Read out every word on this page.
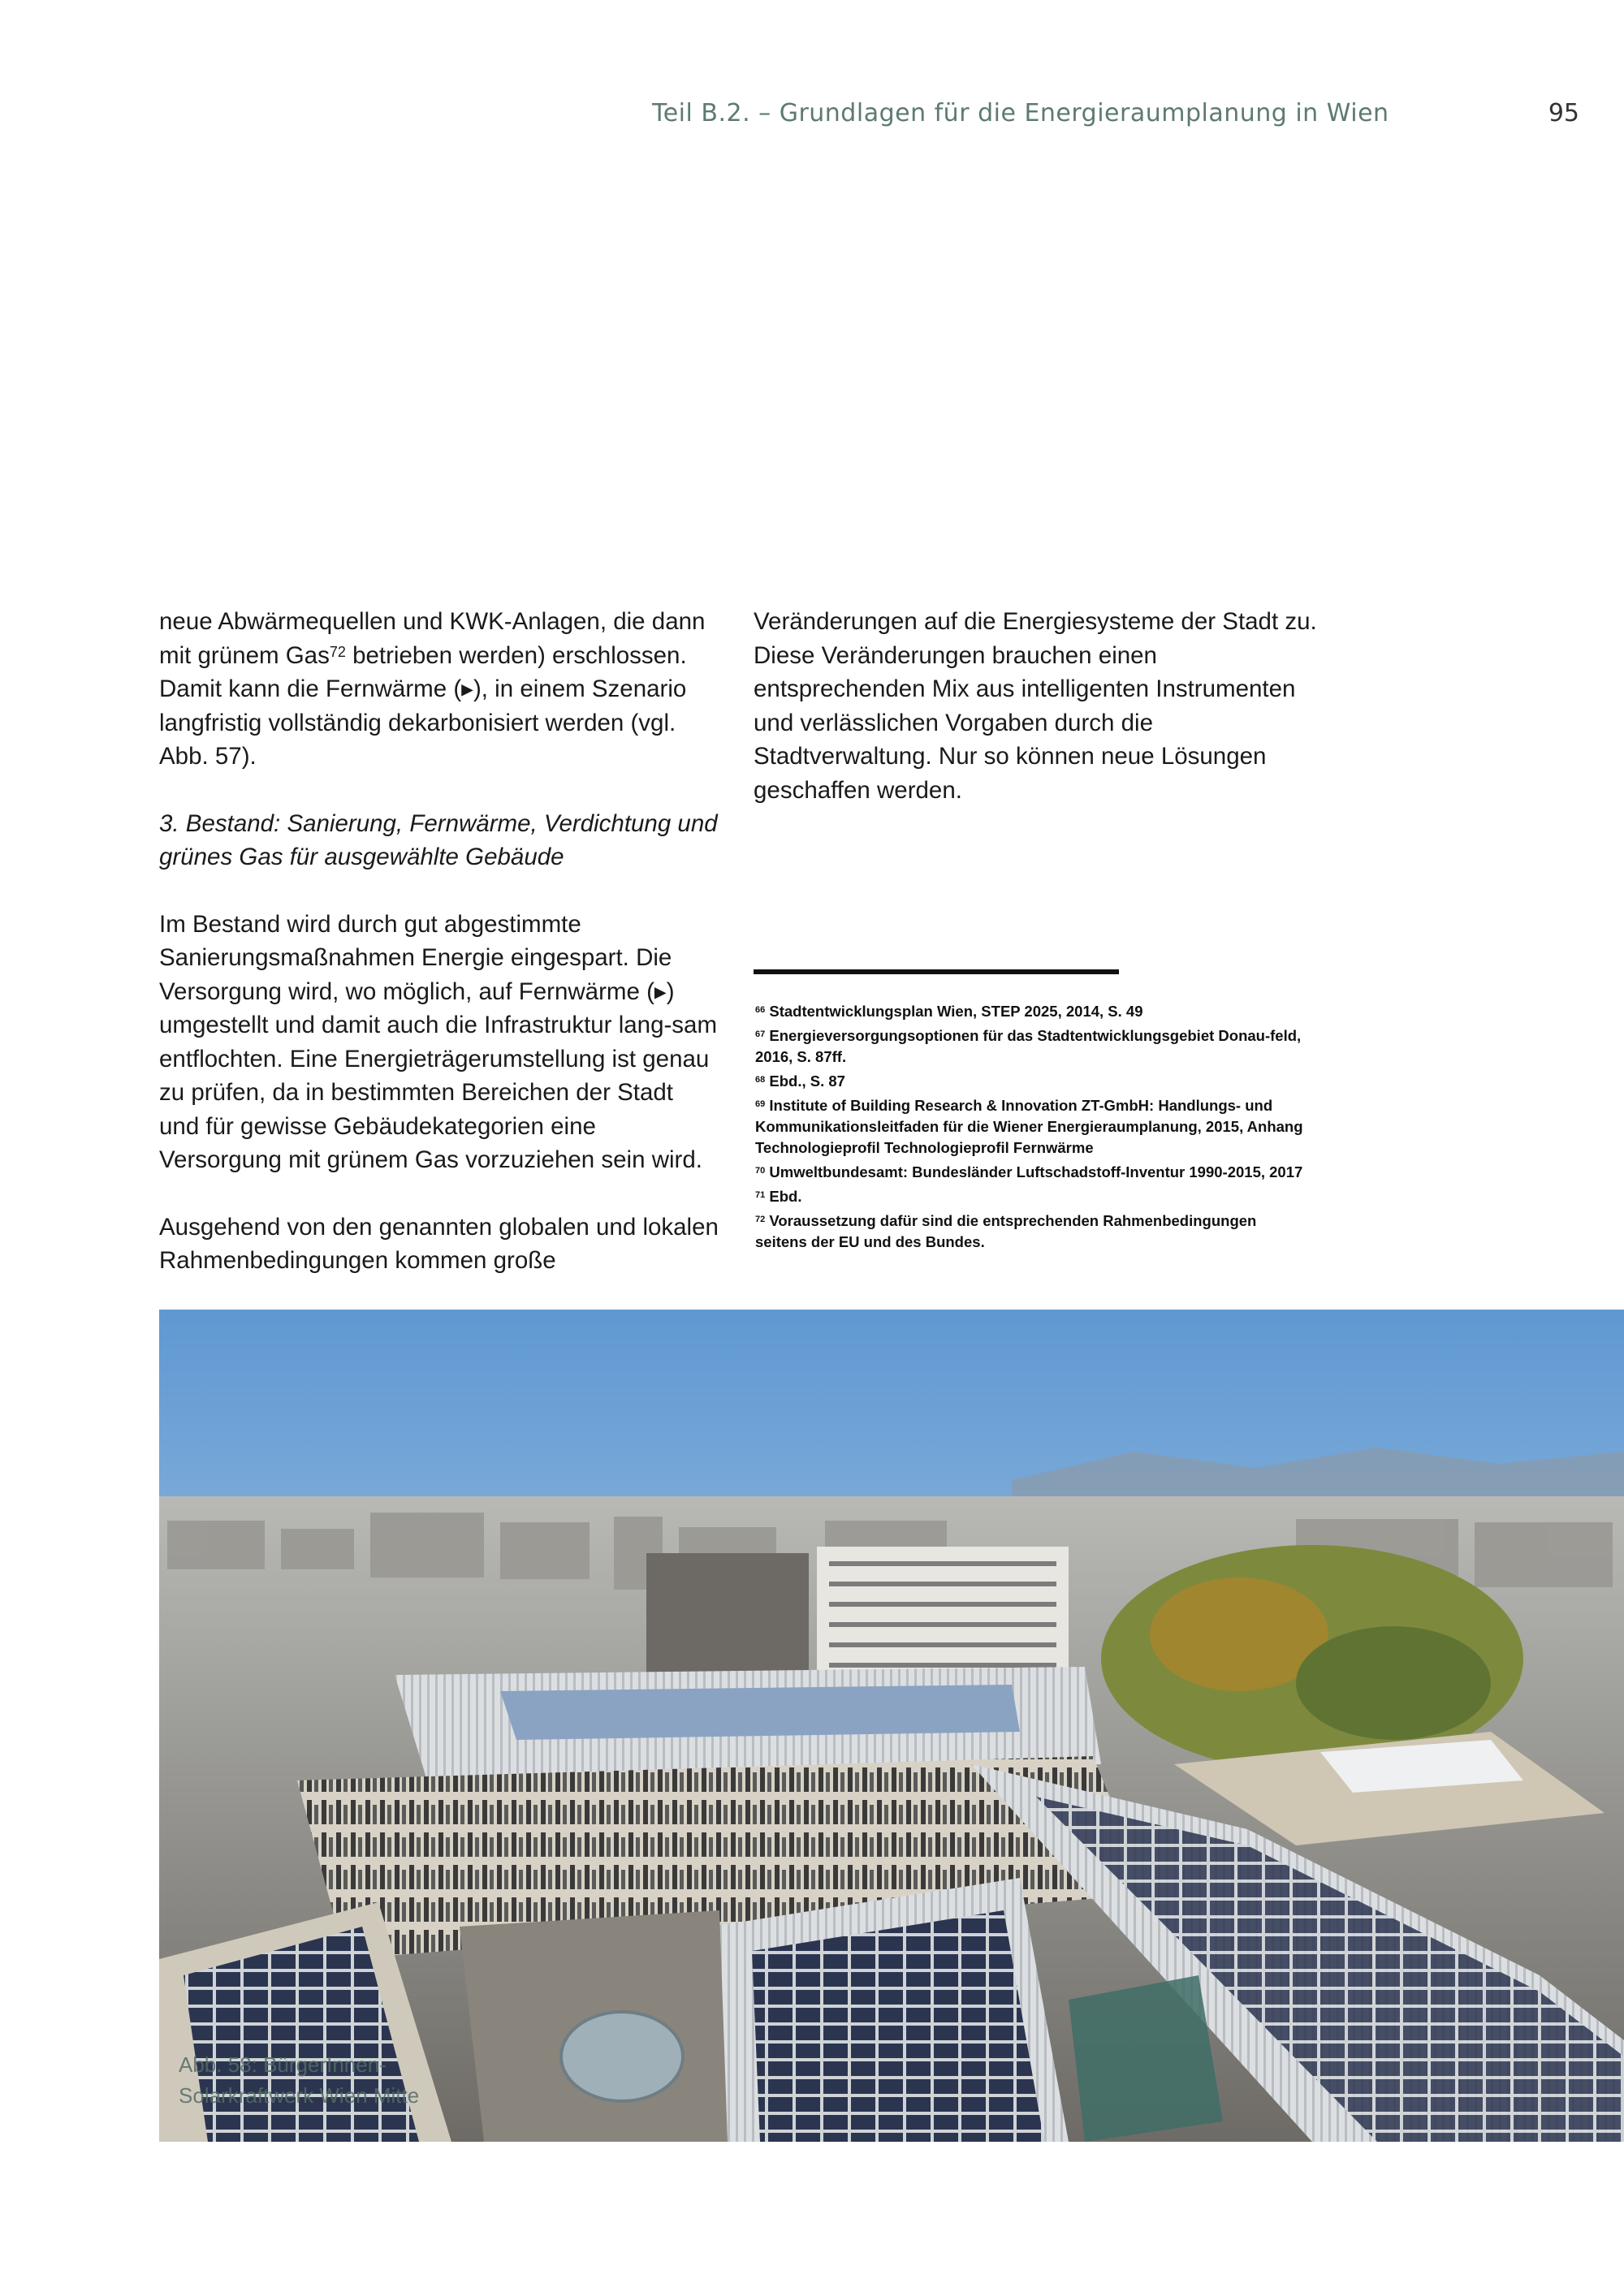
Teil B.2. – Grundlagen für die Energieraumplanung in Wien	95

neue Abwärmequellen und KWK-Anlagen, die dann mit grünem Gas$^{72}$ betrieben werden) erschlossen. Damit kann die Fernwärme (▸), in einem Szenario langfristig vollständig dekarbonisiert werden (vgl. Abb. 57).

3. Bestand: Sanierung, Fernwärme, Verdichtung und grünes Gas für ausgewählte Gebäude

Im Bestand wird durch gut abgestimmte Sanierungsmaßnahmen Energie eingespart. Die Versorgung wird, wo möglich, auf Fernwärme (▸) umgestellt und damit auch die Infrastruktur lang-sam entflochten. Eine Energieträgerumstellung ist genau zu prüfen, da in bestimmten Bereichen der Stadt und für gewisse Gebäudekategorien eine Versorgung mit grünem Gas vorzuziehen sein wird.

Ausgehend von den genannten globalen und lokalen Rahmenbedingungen kommen große

Veränderungen auf die Energiesysteme der Stadt zu. Diese Veränderungen brauchen einen entsprechenden Mix aus intelligenten Instrumenten und verlässlichen Vorgaben durch die Stadtverwaltung. Nur so können neue Lösungen geschaffen werden.

$^{66}$ Stadtentwicklungsplan Wien, STEP 2025, 2014, S. 49
$^{67}$ Energieversorgungsoptionen für das Stadtentwicklungsgebiet Donau-feld, 2016, S. 87ff.
$^{68}$ Ebd., S. 87
$^{69}$ Institute of Building Research & Innovation ZT-GmbH: Handlungs- und Kommunikationsleitfaden für die Wiener Energieraumplanung, 2015, Anhang Technologieprofil Technologieprofil Fernwärme
$^{70}$ Umweltbundesamt: Bundesländer Luftschadstoff-Inventur 1990-2015, 2017
$^{71}$ Ebd.
$^{72}$ Voraussetzung dafür sind die entsprechenden Rahmenbedingungen seitens der EU und des Bundes.
Abb. 58: BürgerInnen-
Solarkraftwerk Wien Mitte
